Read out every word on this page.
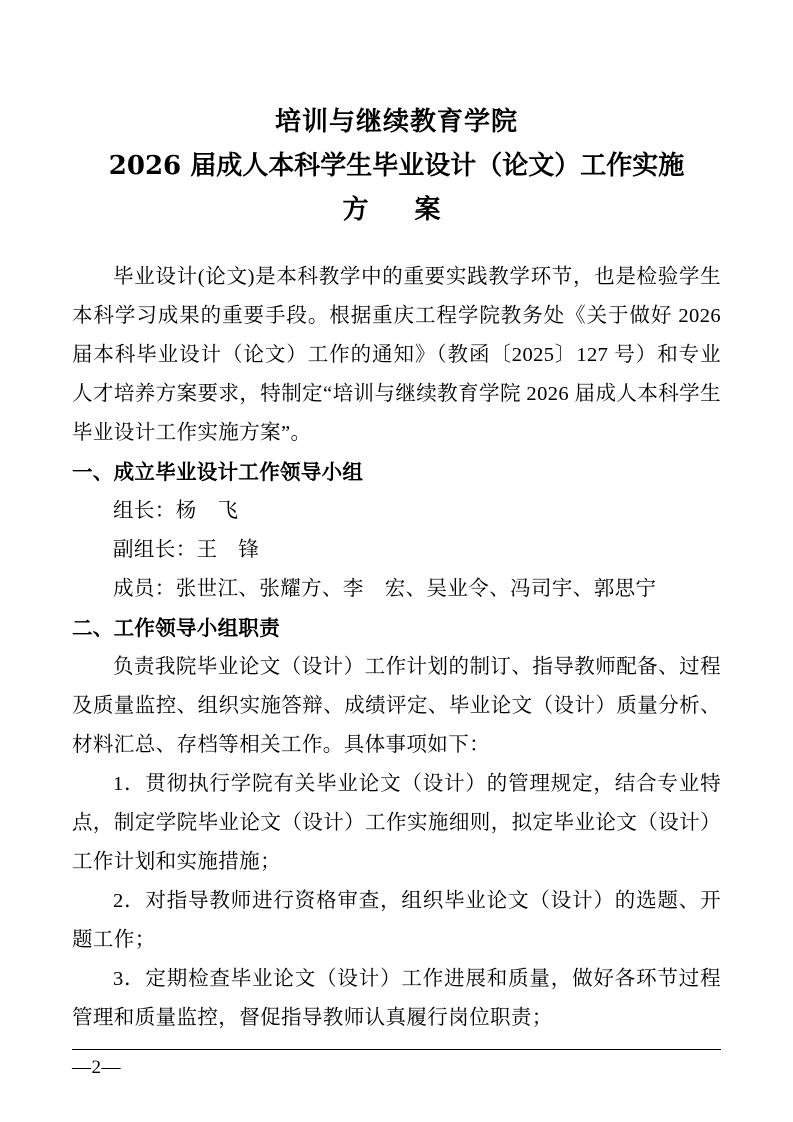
培训与继续教育学院
2026 届成人本科学生毕业设计（论文）工作实施
方　案

毕业设计(论文)是本科教学中的重要实践教学环节，也是检验学生本科学习成果的重要手段。根据重庆工程学院教务处《关于做好 2026 届本科毕业设计（论文）工作的通知》（教函〔2025〕127 号）和专业人才培养方案要求，特制定“培训与继续教育学院 2026 届成人本科学生毕业设计工作实施方案”。

一、成立毕业设计工作领导小组

组长：杨　飞

副组长：王　锋

成员：张世江、张耀方、李　宏、吴业令、冯司宇、郭思宁

二、工作领导小组职责

负责我院毕业论文（设计）工作计划的制订、指导教师配备、过程及质量监控、组织实施答辩、成绩评定、毕业论文（设计）质量分析、材料汇总、存档等相关工作。具体事项如下：

1．贯彻执行学院有关毕业论文（设计）的管理规定，结合专业特点，制定学院毕业论文（设计）工作实施细则，拟定毕业论文（设计）工作计划和实施措施；

2．对指导教师进行资格审查，组织毕业论文（设计）的选题、开题工作；

3．定期检查毕业论文（设计）工作进展和质量，做好各环节过程管理和质量监控，督促指导教师认真履行岗位职责；

—2—
